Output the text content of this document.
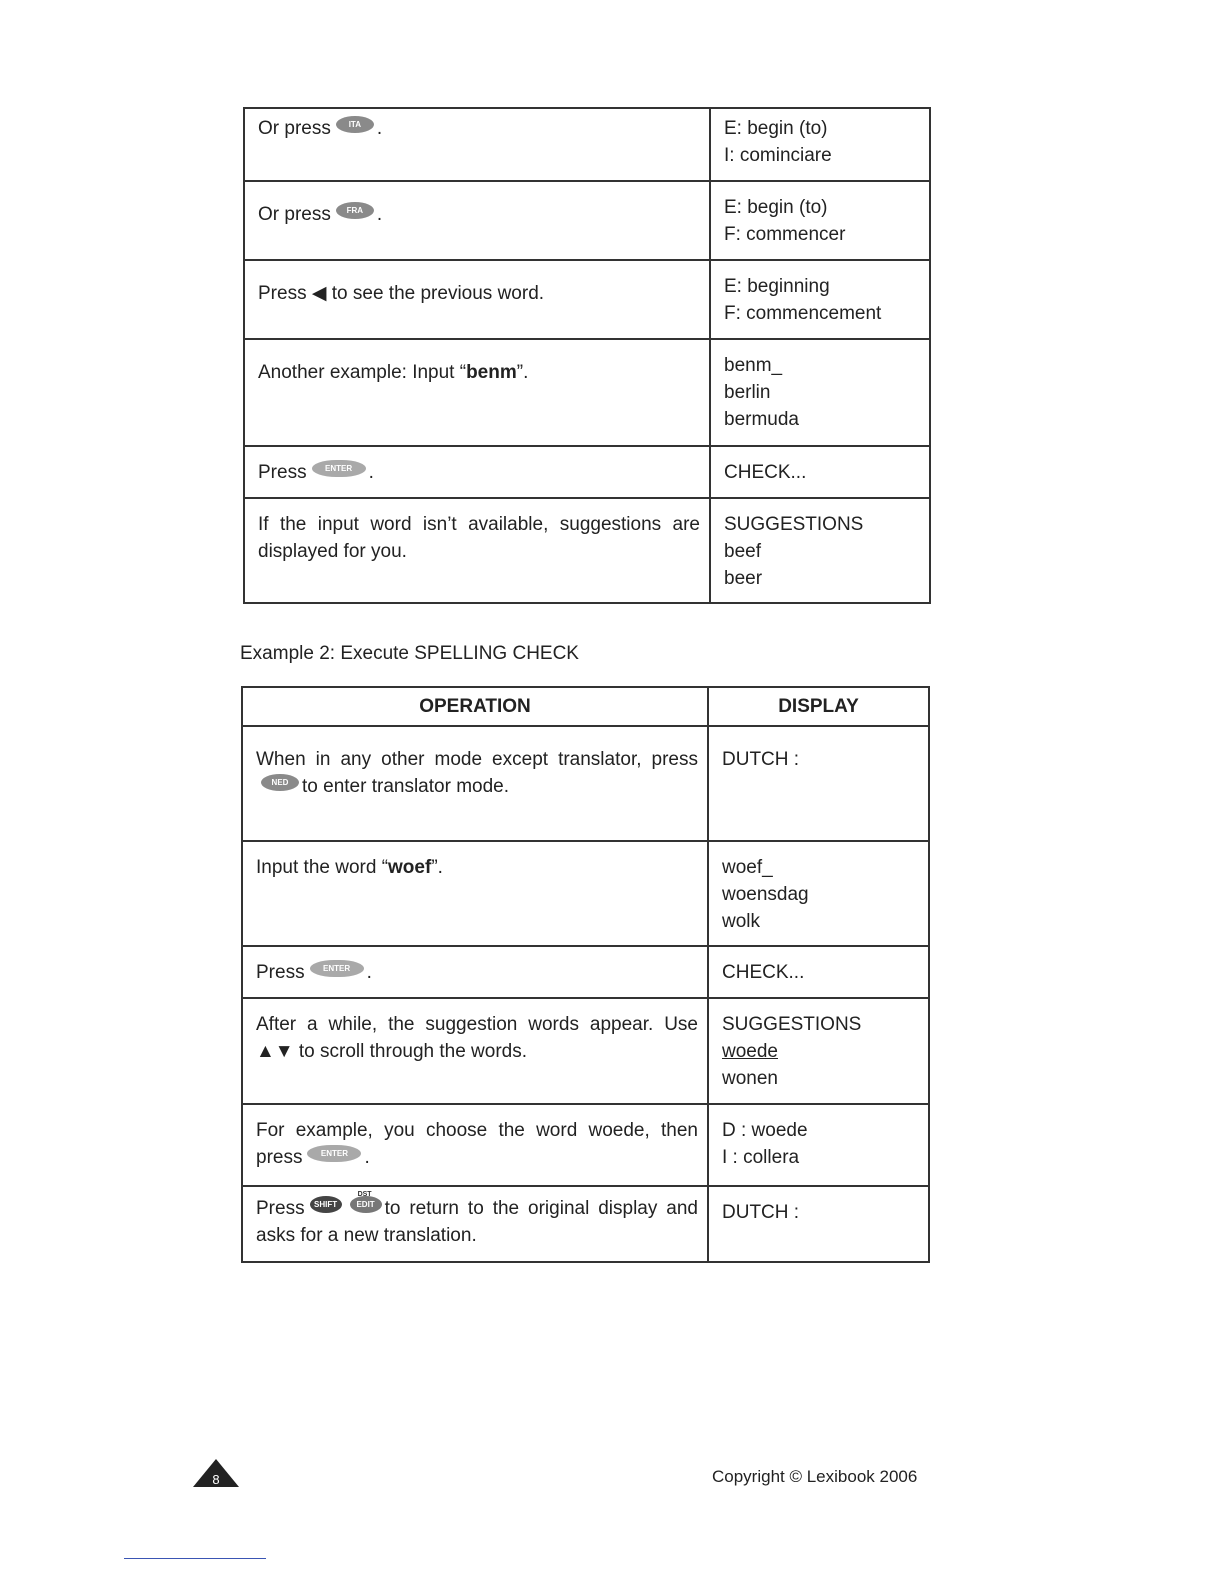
Or press ITA .	E: begin (to)
I: cominciare

Or press FRA .	E: begin (to)
F: commencer

Press ◀ to see the previous word.	E: beginning
F: commencement

Another example: Input “benm”.	benm_
berlin
bermuda

Press ENTER .	CHECK...

If the input word isn’t available, suggestions are displayed for you.	SUGGESTIONS
beef
beer
Example 2: Execute SPELLING CHECK
OPERATION	DISPLAY
When in any other mode except translator, pressNED to enter translator mode.	DUTCH :

Input the word “woef”.	woef_
woensdag
wolk

Press ENTER .	CHECK...

After a while, the suggestion words appear. Use ▲▼ to scroll through the words.	SUGGESTIONS
woede
wonen

For example, you choose the word woede, then press ENTER .	D : woede
I : collera

Press SHIFT
DST
EDIT to return to the original display and asks for a new translation.	DUTCH :
8	Copyright © Lexibook 2006
